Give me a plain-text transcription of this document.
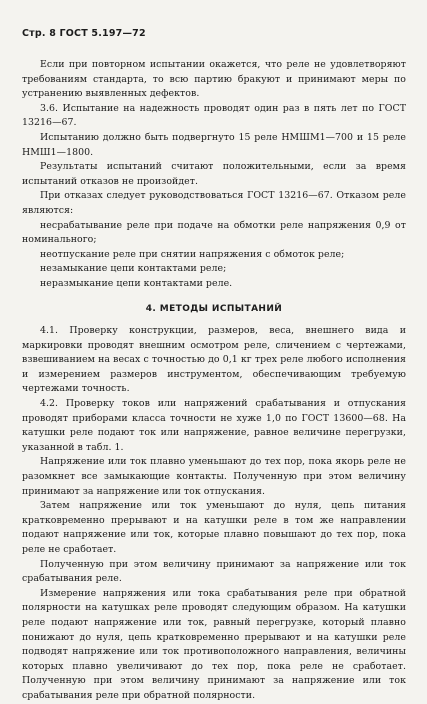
Стр. 8 ГОСТ 5.197—72

Если при повторном испытании окажется, что реле не удовлетворяют требованиям стандарта, то всю партию бракуют и принимают меры по устранению выявленных дефектов.

3.6. Испытание на надежность проводят один раз в пять лет по ГОСТ 13216—67.

Испытанию должно быть подвергнуто 15 реле НМШМ1—700 и 15 реле НМШ1—1800.

Результаты испытаний считают положительными, если за время испытаний отказов не произойдет.

При отказах следует руководствоваться ГОСТ 13216—67. Отказом реле являются:

несрабатывание реле при подаче на обмотки реле напряжения 0,9 от номинального;

неотпускание реле при снятии напряжения с обмоток реле;

незамыкание цепи контактами реле;

неразмыкание цепи контактами реле.

4. МЕТОДЫ ИСПЫТАНИЙ

4.1. Проверку конструкции, размеров, веса, внешнего вида и маркировки проводят внешним осмотром реле, сличением с чертежами, взвешиванием на весах с точностью до 0,1 кг трех реле любого исполнения и измерением размеров инструментом, обеспечивающим требуемую чертежами точность.

4.2. Проверку токов или напряжений срабатывания и отпускания проводят приборами класса точности не хуже 1,0 по ГОСТ 13600—68. На катушки реле подают ток или напряжение, равное величине перегрузки, указанной в табл. 1.

Напряжение или ток плавно уменьшают до тех пор, пока якорь реле не разомкнет все замыкающие контакты. Полученную при этом величину принимают за напряжение или ток отпускания.

Затем напряжение или ток уменьшают до нуля, цепь питания кратковременно прерывают и на катушки реле в том же направлении подают напряжение или ток, которые плавно повышают до тех пор, пока реле не сработает.

Полученную при этом величину принимают за напряжение или ток срабатывания реле.

Измерение напряжения или тока срабатывания реле при обратной полярности на катушках реле проводят следующим образом. На катушки реле подают напряжение или ток, равный перегрузке, который плавно понижают до нуля, цепь кратковременно прерывают и на катушки реле подводят напряжение или ток противоположного направления, величины которых плавно увеличивают до тех пор, пока реле не сработает. Полученную при этом величину принимают за напряжение или ток срабатывания реле при обратной полярности.
